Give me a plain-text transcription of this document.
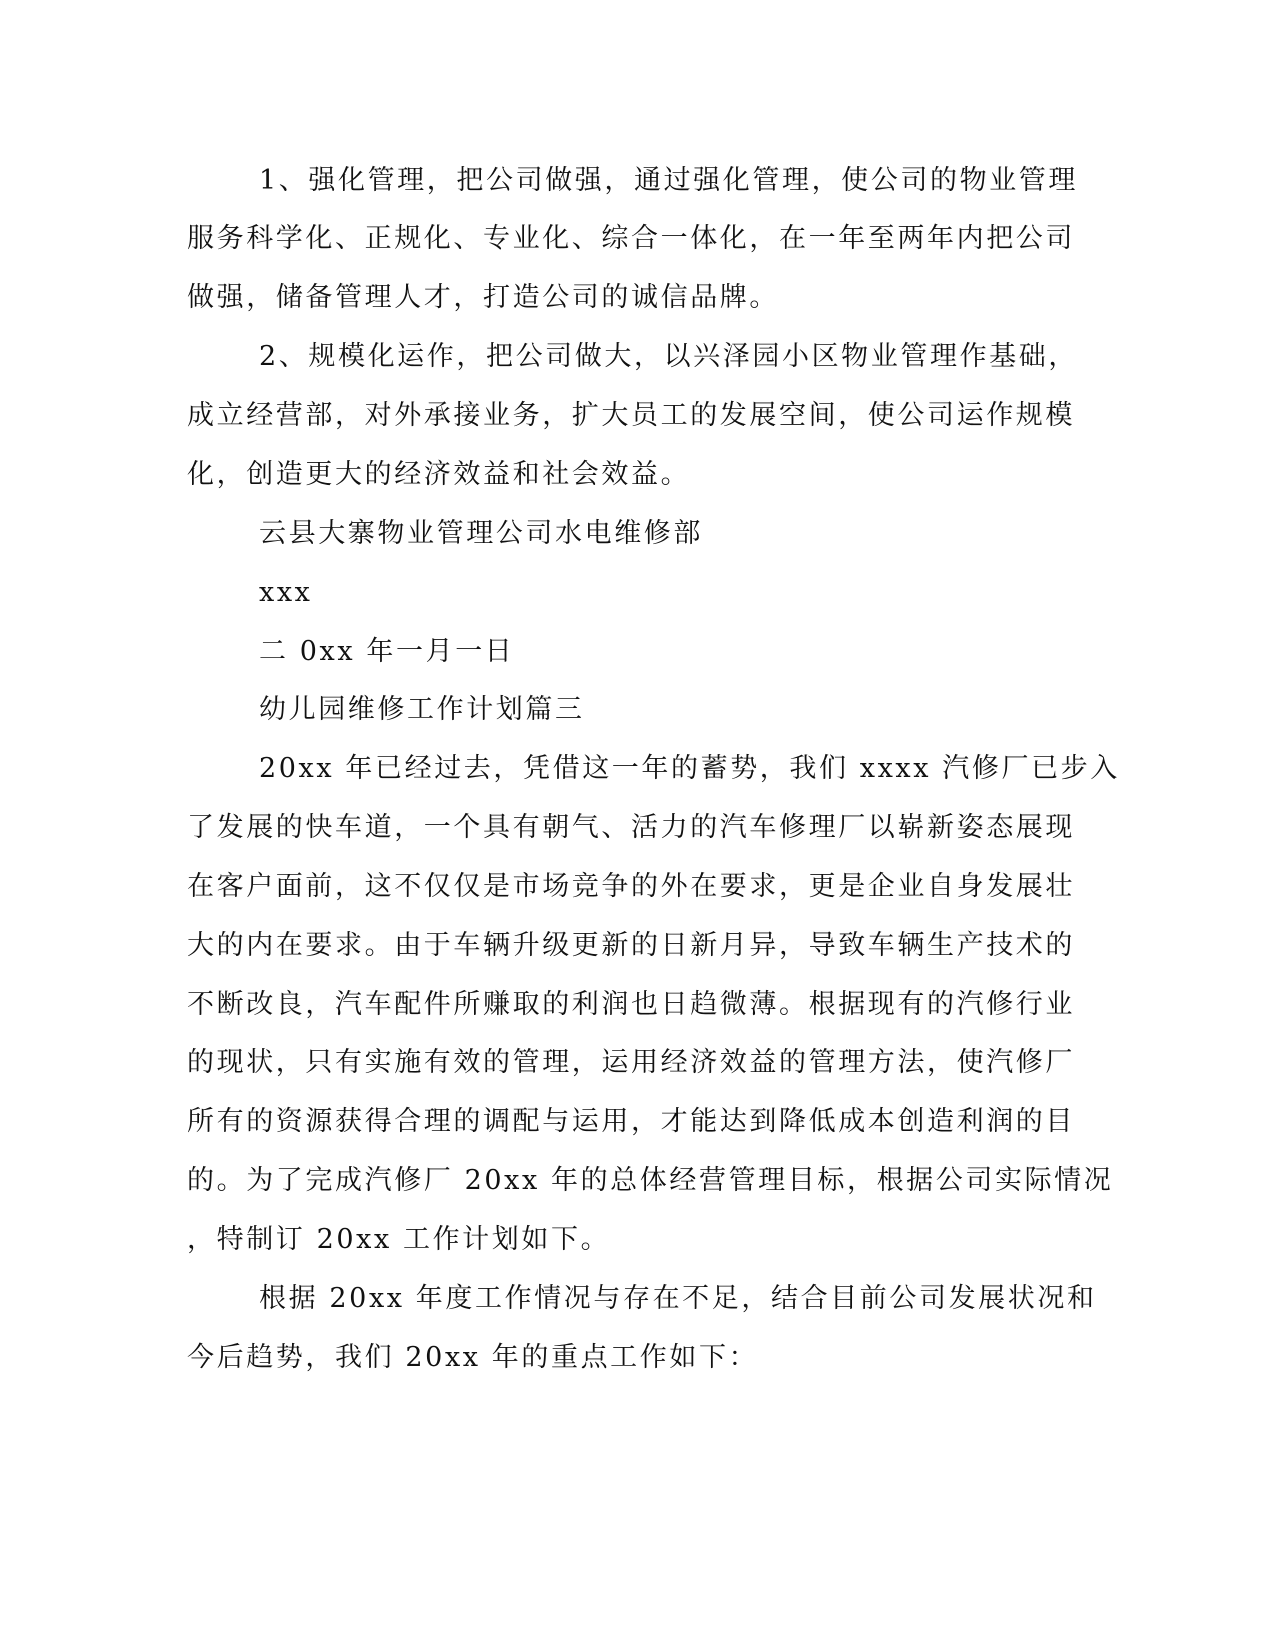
1、强化管理，把公司做强，通过强化管理，使公司的物业管理
服务科学化、正规化、专业化、综合一体化，在一年至两年内把公司
做强，储备管理人才，打造公司的诚信品牌。
2、规模化运作，把公司做大，以兴泽园小区物业管理作基础，
成立经营部，对外承接业务，扩大员工的发展空间，使公司运作规模
化，创造更大的经济效益和社会效益。
云县大寨物业管理公司水电维修部
xxx
二 0xx 年一月一日
幼儿园维修工作计划篇三
20xx 年已经过去，凭借这一年的蓄势，我们 xxxx 汽修厂已步入
了发展的快车道，一个具有朝气、活力的汽车修理厂以崭新姿态展现
在客户面前，这不仅仅是市场竞争的外在要求，更是企业自身发展壮
大的内在要求。由于车辆升级更新的日新月异，导致车辆生产技术的
不断改良，汽车配件所赚取的利润也日趋微薄。根据现有的汽修行业
的现状，只有实施有效的管理，运用经济效益的管理方法，使汽修厂
所有的资源获得合理的调配与运用，才能达到降低成本创造利润的目
的。为了完成汽修厂 20xx 年的总体经营管理目标，根据公司实际情况
，特制订 20xx 工作计划如下。
根据 20xx 年度工作情况与存在不足，结合目前公司发展状况和
今后趋势，我们 20xx 年的重点工作如下：
